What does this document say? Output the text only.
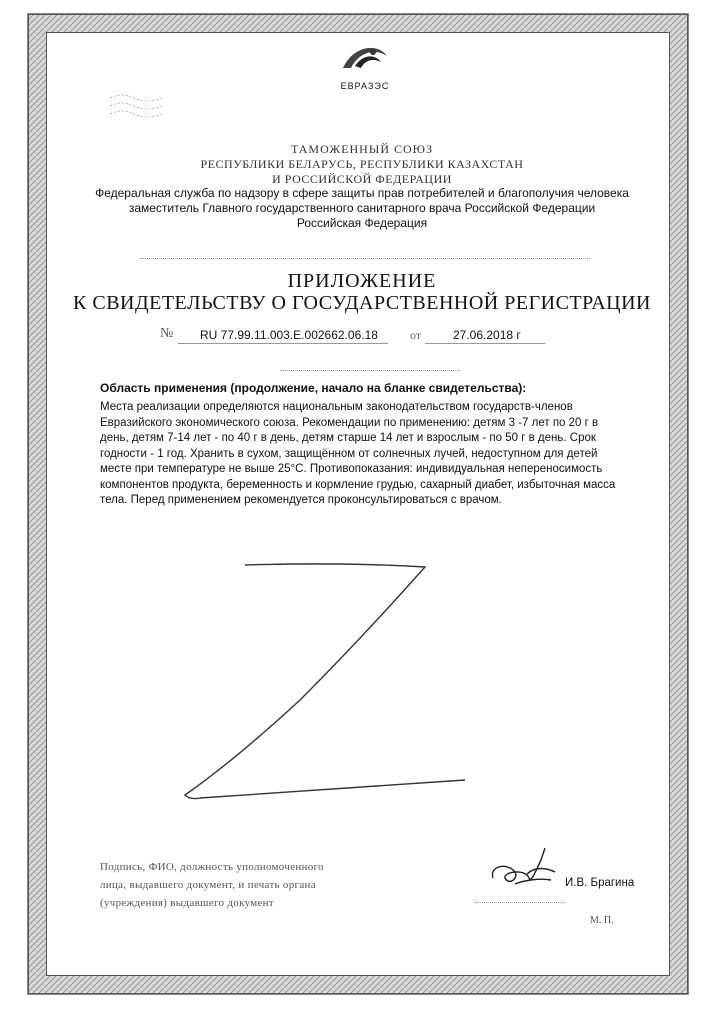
ЕВРАЗЭС
ТАМОЖЕННЫЙ СОЮЗ
РЕСПУБЛИКИ БЕЛАРУСЬ, РЕСПУБЛИКИ КАЗАХСТАН
И РОССИЙСКОЙ ФЕДЕРАЦИИ
Федеральная служба по надзору в сфере защиты прав потребителей и благополучия человека
заместитель Главного государственного санитарного врача Российской Федерации
Российская Федерация
ПРИЛОЖЕНИЕ
К СВИДЕТЕЛЬСТВУ О ГОСУДАРСТВЕННОЙ РЕГИСТРАЦИИ
№ RU 77.99.11.003.Е.002662.06.18	от	27.06.2018 г
Область применения (продолжение, начало на бланке свидетельства):
Места реализации определяются национальным законодательством государств-членов
Евразийского экономического союза. Рекомендации по применению: детям 3 -7 лет по 20 г в
день, детям 7-14 лет - по 40 г в день, детям старше 14 лет и взрослым - по 50 г в день. Срок
годности - 1 год. Хранить в сухом, защищённом от солнечных лучей, недоступном для детей
месте при температуре не выше 25°С. Противопоказания: индивидуальная непереносимость
компонентов продукта, беременность и кормление грудью, сахарный диабет, избыточная масса
тела. Перед применением рекомендуется проконсультироваться с врачом.
Подпись, ФИО, должность уполномоченного
лица, выдавшего документ, и печать органа
(учреждения) выдавшего документ
И.В. Брагина
М. П.
